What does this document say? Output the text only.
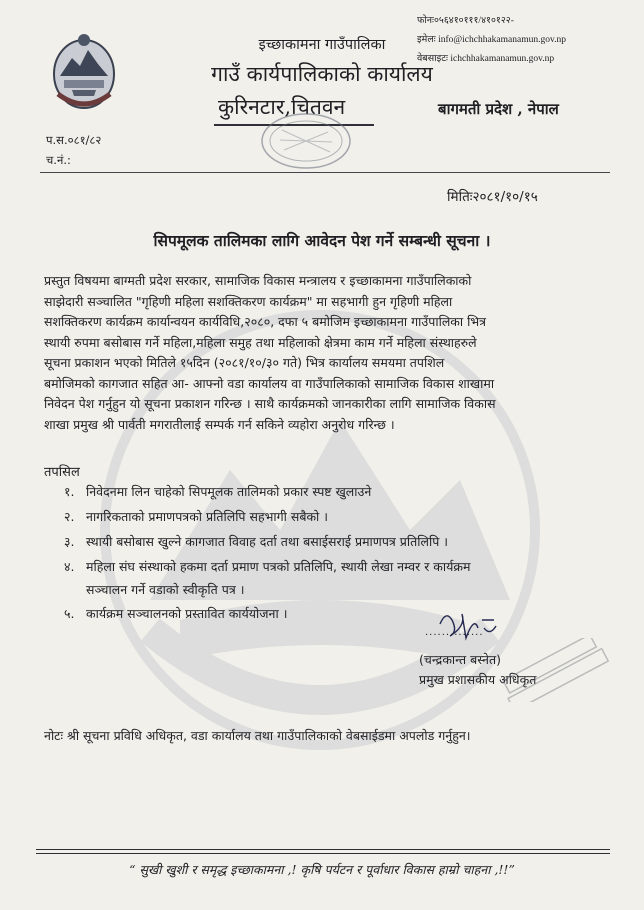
इच्छाकामना गाउँपालिका
गाउँ कार्यपालिकाको कार्यालय
कुरिनटार,चितवन
फोनः०५६४१०१११/४१०१२२-
इमेलः info@ichchhakamanamun.gov.np
वेबसाइटः ichchhakamanamun.gov.np
बागमती प्रदेश , नेपाल
प.स.०८१/८२
च.नं.:
मितिः२०८१/१०/१५
सिपमूलक तालिमका लागि आवेदन पेश गर्ने सम्बन्धी सूचना ।
प्रस्तुत विषयमा बाग्मती प्रदेश सरकार, सामाजिक विकास मन्त्रालय र इच्छाकामना गाउँपालिकाको
साझेदारी सञ्चालित "गृहिणी महिला सशक्तिकरण कार्यक्रम" मा सहभागी हुन गृहिणी महिला
सशक्तिकरण कार्यक्रम कार्यान्वयन कार्यविधि,२०८०, दफा ५ बमोजिम इच्छाकामना गाउँपालिका भित्र
स्थायी रुपमा बसोबास गर्ने महिला,महिला समुह तथा महिलाको क्षेत्रमा काम गर्ने महिला संस्थाहरुले
सूचना प्रकाशन भएको मितिले १५दिन (२०८१/१०/३० गते) भित्र कार्यालय समयमा तपशिल
बमोजिमको कागजात सहित आ- आफ्नो वडा कार्यालय वा गाउँपालिकाको सामाजिक विकास शाखामा
निवेदन पेश गर्नुहुन यो सूचना प्रकाशन गरिन्छ । साथै कार्यक्रमको जानकारीका लागि सामाजिक विकास
शाखा प्रमुख श्री पार्वती मगरातीलाई सम्पर्क गर्न सकिने व्यहोरा अनुरोध गरिन्छ ।
तपसिल
१. निवेदनमा लिन चाहेको सिपमूलक तालिमको प्रकार स्पष्ट खुलाउने
२. नागरिकताको प्रमाणपत्रको प्रतिलिपि सहभागी सबैको ।
३. स्थायी बसोबास खुल्ने कागजात विवाह दर्ता तथा बसाईसराई प्रमाणपत्र प्रतिलिपि ।
४. महिला संघ संस्थाको हकमा दर्ता प्रमाण पत्रको प्रतिलिपि, स्थायी लेखा नम्वर र कार्यक्रम
सञ्चालन गर्ने वडाको स्वीकृति पत्र ।
५. कार्यक्रम सञ्चालनको प्रस्तावित कार्ययोजना ।
..............
(चन्द्रकान्त बस्नेत)
प्रमुख प्रशासकीय अधिकृत
नोटः श्री सूचना प्रविधि अधिकृत, वडा कार्यालय तथा गाउँपालिकाको वेबसाईडमा अपलोड गर्नुहुन।
“ सुखी खुशी र समृद्ध इच्छाकामना ,! कृषि पर्यटन र पूर्वाधार विकास हाम्रो चाहना ,!!”
